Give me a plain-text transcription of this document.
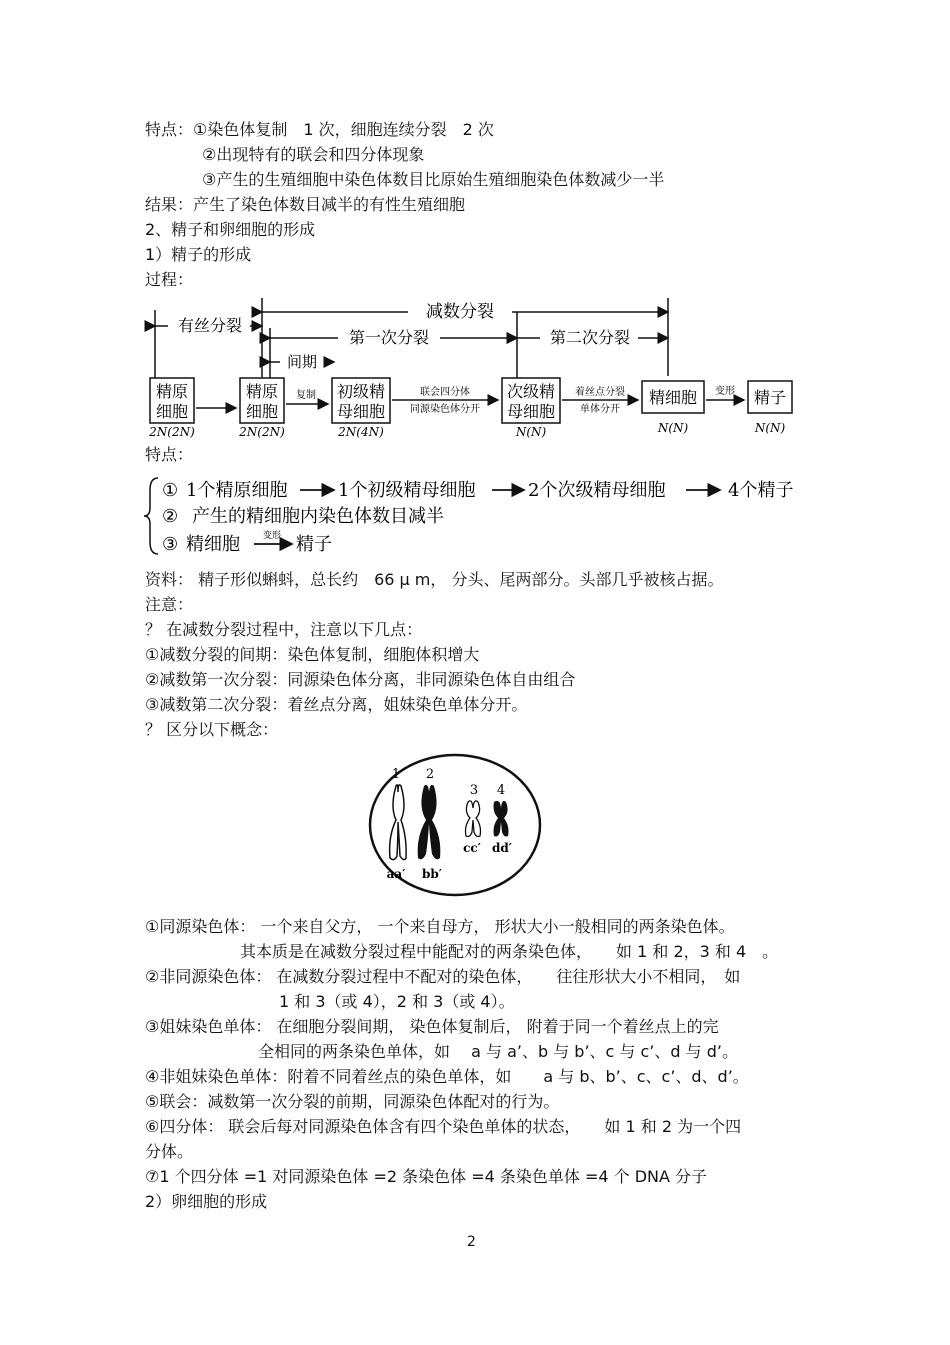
特点：①染色体复制　1 次，细胞连续分裂　2 次
②出现特有的联会和四分体现象
③产生的生殖细胞中染色体数目比原始生殖细胞染色体数减少一半
结果：产生了染色体数目减半的有性生殖细胞
2、精子和卵细胞的形成
1）精子的形成
过程：
减数分裂
有丝分裂
第一次分裂	第二次分裂
间期
精原
细胞
精原
细胞
初级精
母细胞
次级精
母细胞
精细胞	精子
2N(2N)	2N(2N)	2N(4N)	N(N)	N(N)	N(N)
复制	联会四分体
同源染色体分开
着丝点分裂
单体分开
变形
特点：
① 1个精原细胞	1个初级精母细胞	2个次级精母细胞	4个精子
② 产生的精细胞内染色体数目减半
③ 精细胞	精子
变形
资料： 精子形似蝌蚪，总长约　66 μ m， 分头、尾两部分。头部几乎被核占据。
注意：
？ 在减数分裂过程中，注意以下几点：
①减数分裂的间期：染色体复制，细胞体积增大
②减数第一次分裂：同源染色体分离，非同源染色体自由组合
③减数第二次分裂：着丝点分离，姐妹染色单体分开。
？ 区分以下概念：
1 2
3 4
aa′ bb′
cc′ dd′
①同源染色体： 一个来自父方， 一个来自母方， 形状大小一般相同的两条染色体。
其本质是在减数分裂过程中能配对的两条染色体，　　如 1 和 2，3 和 4　。
②非同源染色体： 在减数分裂过程中不配对的染色体，　　往往形状大小不相同，　如
1 和 3（或 4），2 和 3（或 4）。
③姐妹染色单体： 在细胞分裂间期， 染色体复制后， 附着于同一个着丝点上的完
全相同的两条染色单体，如　 a 与 a’、b 与 b’、c 与 c’、d 与 d’。
④非姐妹染色单体：附着不同着丝点的染色单体，如　　a 与 b、b’、c、c’、d、d’。
⑤联会：减数第一次分裂的前期，同源染色体配对的行为。
⑥四分体： 联会后每对同源染色体含有四个染色单体的状态，　　如 1 和 2 为一个四
分体。
⑦1 个四分体 =1 对同源染色体 =2 条染色体 =4 条染色单体 =4 个 DNA 分子
2）卵细胞的形成
2
